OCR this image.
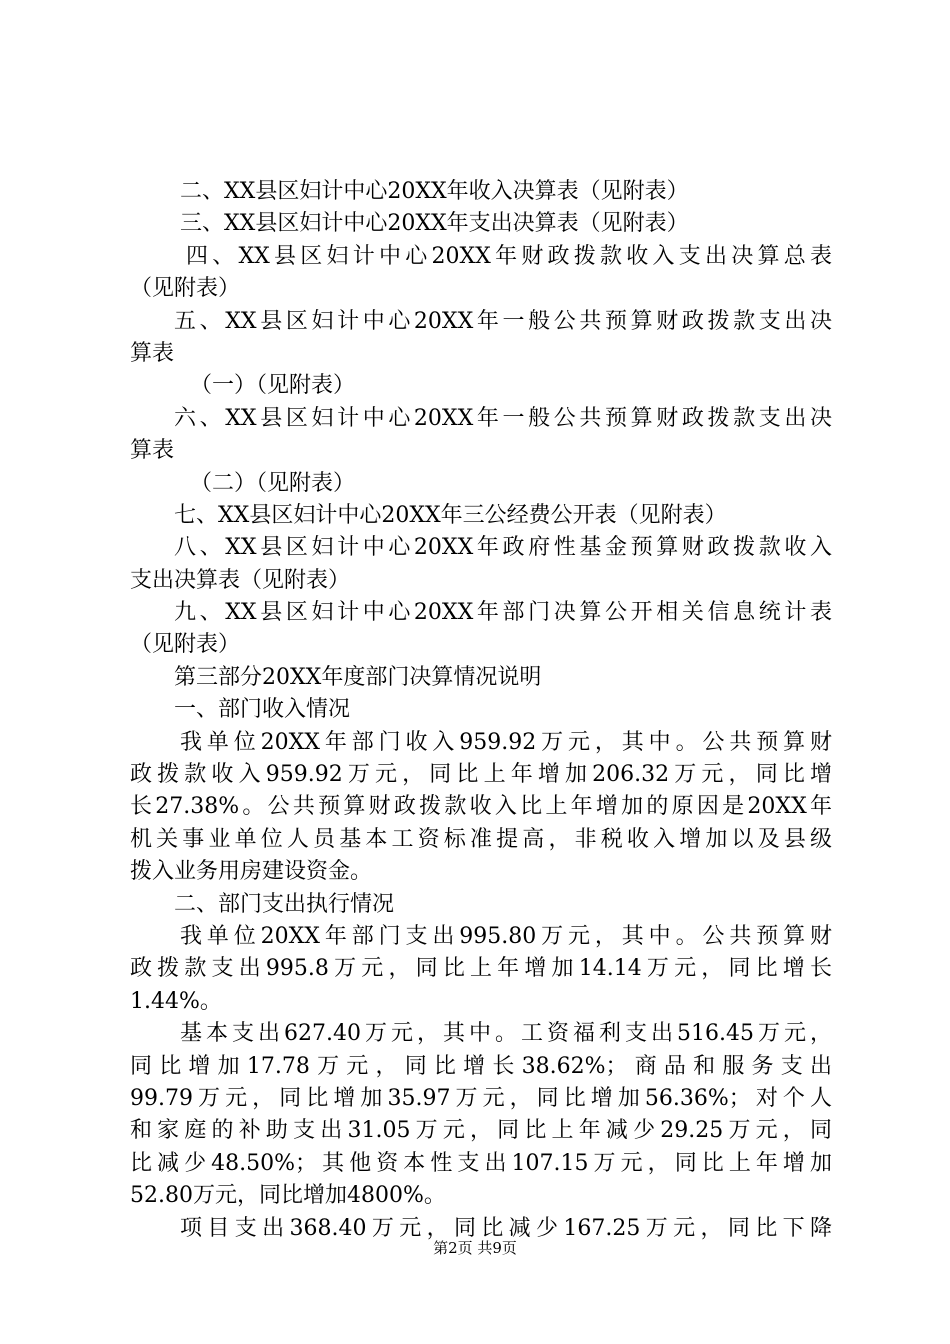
二、XX县区妇计中心20XX年收入决算表（见附表）
三、XX县区妇计中心20XX年支出决算表（见附表）
四、XX县区妇计中心20XX年财政拨款收入支出决算总表
（见附表）
五、XX县区妇计中心20XX年一般公共预算财政拨款支出决
算表
（一）（见附表）
六、XX县区妇计中心20XX年一般公共预算财政拨款支出决
算表
（二）（见附表）
七、XX县区妇计中心20XX年三公经费公开表（见附表）
八、XX县区妇计中心20XX年政府性基金预算财政拨款收入
支出决算表（见附表）
九、XX县区妇计中心20XX年部门决算公开相关信息统计表
（见附表）
第三部分20XX年度部门决算情况说明
一、部门收入情况
我单位20XX年部门收入959.92万元，其中。公共预算财
政拨款收入959.92万元，同比上年增加206.32万元，同比增
长27.38%。公共预算财政拨款收入比上年增加的原因是20XX年
机关事业单位人员基本工资标准提高，非税收入增加以及县级
拨入业务用房建设资金。
二、部门支出执行情况
我单位20XX年部门支出995.80万元，其中。公共预算财
政拨款支出995.8万元，同比上年增加14.14万元，同比增长
1.44%。
基本支出627.40万元，其中。工资福利支出516.45万元，
同比增加17.78万元，同比增长38.62%；商品和服务支出
99.79万元，同比增加35.97万元，同比增加56.36%；对个人
和家庭的补助支出31.05万元，同比上年减少29.25万元，同
比减少48.50%；其他资本性支出107.15万元，同比上年增加
52.80万元，同比增加4800%。
项目支出368.40万元，同比减少167.25万元，同比下降
第2页 共9页
